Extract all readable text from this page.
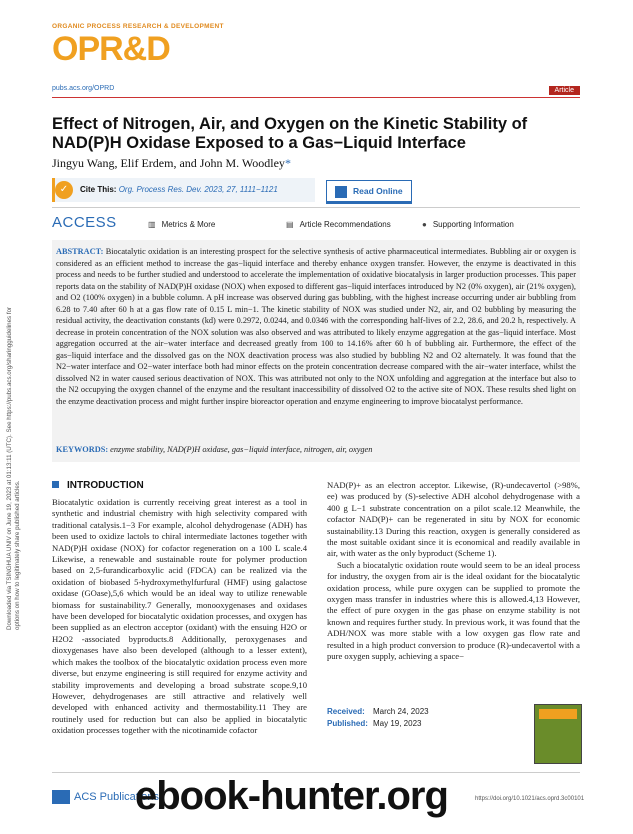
ORGANIC PROCESS RESEARCH & DEVELOPMENT
OPR&D
pubs.acs.org/OPRD	Article
Effect of Nitrogen, Air, and Oxygen on the Kinetic Stability of NAD(P)H Oxidase Exposed to a Gas−Liquid Interface
Jingyu Wang, Elif Erdem, and John M. Woodley*
✓	Cite This: Org. Process Res. Dev. 2023, 27, 1111−1121	Read Online
ACCESS	▥ Metrics & More	▤ Article Recommendations	● Supporting Information
ABSTRACT: Biocatalytic oxidation is an interesting prospect for the selective synthesis of active pharmaceutical intermediates. Bubbling air or oxygen is considered as an efficient method to increase the gas−liquid interface and thereby enhance oxygen transfer. However, the enzyme is deactivated in this process and needs to be further studied and understood to accelerate the implementation of oxidative biocatalysis in larger production processes. This paper reports data on the stability of NAD(P)H oxidase (NOX) when exposed to different gas−liquid interfaces introduced by N2 (0% oxygen), air (21% oxygen), and O2 (100% oxygen) in a bubble column. A pH increase was observed during gas bubbling, with the highest increase occurring under air bubbling from 6.28 to 7.40 after 60 h at a gas flow rate of 0.15 L min−1. The kinetic stability of NOX was studied under N2, air, and O2 bubbling by measuring the residual activity, the deactivation constants (kd) were 0.2972, 0.0244, and 0.0346 with the corresponding half-lives of 2.2, 28.6, and 20.2 h, respectively. A decrease in protein concentration of the NOX solution was also observed and was attributed to likely enzyme aggregation at the gas−liquid interface. Most aggregation occurred at the air−water interface and decreased greatly from 100 to 14.16% after 60 h of bubbling air. Furthermore, the effect of the gas−liquid interface and the dissolved gas on the NOX deactivation process was also studied by bubbling N2 and O2 alternately. It was found that the N2−water interface and O2−water interface both had minor effects on the protein concentration decrease compared with the air−water interface, whilst the dissolved N2 in water caused serious deactivation of NOX. This was attributed not only to the NOX unfolding and aggregation at the interface but also to the N2 occupying the oxygen channel of the enzyme and the resultant inaccessibility of dissolved O2 to the active site of NOX. These results shed light on the enzyme deactivation process and might further inspire bioreactor operation and enzyme engineering to improve biocatalyst performance.
KEYWORDS: enzyme stability, NAD(P)H oxidase, gas−liquid interface, nitrogen, air, oxygen
Downloaded via TSINGHUA UNIV on June 19, 2023 at 01:13:11 (UTC). See https://pubs.acs.org/sharingguidelines for options on how to legitimately share published articles.	INTRODUCTION

Biocatalytic oxidation is currently receiving great interest as a tool in synthetic and industrial chemistry with high selectivity compared with traditional catalysis.1−3 For example, alcohol dehydrogenase (ADH) has been used to oxidize lactols to chiral intermediate lactones together with NAD(P)H oxidase (NOX) for cofactor regeneration on a 100 L scale.4 Likewise, a renewable and sustainable route for polymer production based on 2,5-furandicarboxylic acid (FDCA) can be realized via the oxidation of biobased 5-hydroxymethylfurfural (HMF) using galactose oxidase (GOase),5,6 which would be an ideal way to utilize renewable biomass for sustainability.7 Generally, monooxygenases and oxidases have been developed for biocatalytic oxidation processes, and oxygen has been supplied as an electron acceptor (oxidant) with the ensuing H2O or H2O2 -associated byproducts.8 Additionally, peroxygenases and dioxygenases have also been developed (although to a lesser extent), which makes the toolbox of the biocatalytic oxidation process even more diverse, but enzyme engineering is still required for enzyme activity and stability improvements and developing a broad substrate scope.9,10 However, dehydrogenases are still attractive and relatively well developed with enhanced activity and thermostability.11 They are routinely used for reduction but can also be applied in biocatalytic oxidation processes together with the nicotinamide cofactor

NAD(P)+ as an electron acceptor. Likewise, (R)-undecavertol (>98%, ee) was produced by (S)-selective ADH alcohol dehydrogenase with a 400 g L−1 substrate concentration on a pilot scale.12 Meanwhile, the cofactor NAD(P)+ can be regenerated in situ by NOX for economic sustainability.13 During this reaction, oxygen is generally considered as the most suitable oxidant since it is economical and readily available in air, with water as the only byproduct (Scheme 1).

Such a biocatalytic oxidation route would seem to be an ideal process for industry, the oxygen from air is the ideal oxidant for the biocatalytic oxidation process, while pure oxygen can be supplied to promote the oxygen mass transfer in industries where this is allowed.4,13 However, the effect of pure oxygen in the gas phase on enzyme stability is not known and requires further study. In previous work, it was found that the ADH/NOX was more stable with a low oxygen gas flow rate and resulted in a high product conversion to produce (R)-undecavertol with a pure oxygen supply, achieving a space−

Received: March 24, 2023
Published: May 19, 2023
ACS Publications
ebook-hunter.org	https://doi.org/10.1021/acs.oprd.3c00101
